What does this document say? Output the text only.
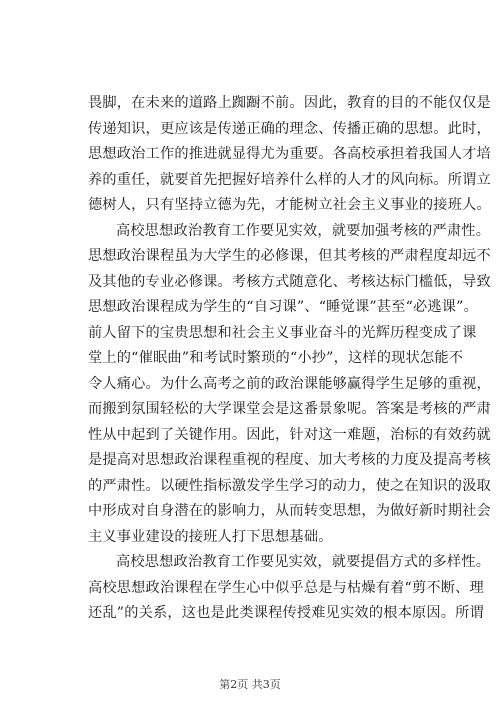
畏脚，在未来的道路上踟蹰不前。因此，教育的目的不能仅仅是
传递知识，更应该是传递正确的理念、传播正确的思想。此时，
思想政治工作的推进就显得尤为重要。各高校承担着我国人才培
养的重任，就要首先把握好培养什么样的人才的风向标。所谓立
德树人，只有坚持立德为先，才能树立社会主义事业的接班人。
高校思想政治教育工作要见实效，就要加强考核的严肃性。
思想政治课程虽为大学生的必修课，但其考核的严肃程度却远不
及其他的专业必修课。考核方式随意化、考核达标门槛低，导致
思想政治课程成为学生的“自习课”、“睡觉课”甚至“必逃课”。
前人留下的宝贵思想和社会主义事业奋斗的光辉历程变成了课
堂上的“催眠曲”和考试时繁琐的“小抄”，这样的现状怎能不
令人痛心。为什么高考之前的政治课能够赢得学生足够的重视，
而搬到氛围轻松的大学课堂会是这番景象呢。答案是考核的严肃
性从中起到了关键作用。因此，针对这一难题，治标的有效药就
是提高对思想政治课程重视的程度、加大考核的力度及提高考核
的严肃性。以硬性指标激发学生学习的动力，使之在知识的汲取
中形成对自身潜在的影响力，从而转变思想，为做好新时期社会
主义事业建设的接班人打下思想基础。
高校思想政治教育工作要见实效，就要提倡方式的多样性。
高校思想政治课程在学生心中似乎总是与枯燥有着“剪不断、理
还乱”的关系，这也是此类课程传授难见实效的根本原因。所谓
第2页 共3页
